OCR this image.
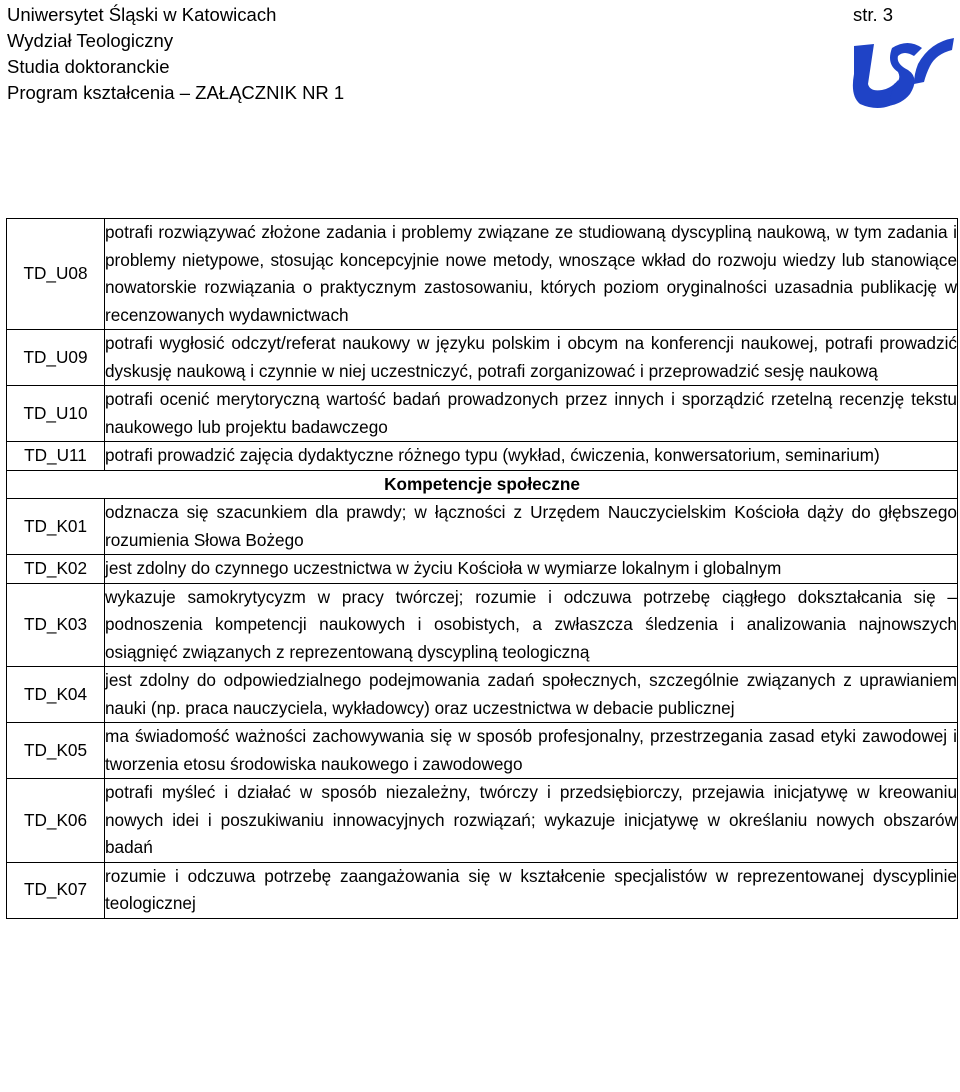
Uniwersytet Śląski w Katowicach
Wydział Teologiczny
Studia doktoranckie
Program kształcenia – ZAŁĄCZNIK NR 1
str. 3
TD_U08	potrafi rozwiązywać złożone zadania i problemy związane ze studiowaną dyscypliną naukową, w tym zadania i problemy nietypowe, stosując koncepcyjnie nowe metody, wnoszące wkład do rozwoju wiedzy lub stanowiące nowatorskie rozwiązania o praktycznym zastosowaniu, których poziom oryginalności uzasadnia publikację w recenzowanych wydawnictwach
TD_U09	potrafi wygłosić odczyt/referat naukowy w języku polskim i obcym na konferencji naukowej, potrafi prowadzić dyskusję naukową i czynnie w niej uczestniczyć, potrafi zorganizować i przeprowadzić sesję naukową
TD_U10	potrafi ocenić merytoryczną wartość badań prowadzonych przez innych i sporządzić rzetelną recenzję tekstu naukowego lub projektu badawczego
TD_U11	potrafi prowadzić zajęcia dydaktyczne różnego typu (wykład, ćwiczenia, konwersatorium, seminarium)
Kompetencje społeczne	
TD_K01	odznacza się szacunkiem dla prawdy; w łączności z Urzędem Nauczycielskim Kościoła dąży do głębszego rozumienia Słowa Bożego
TD_K02	jest zdolny do czynnego uczestnictwa w życiu Kościoła w wymiarze lokalnym i globalnym
TD_K03	wykazuje samokrytycyzm w pracy twórczej; rozumie i odczuwa potrzebę ciągłego dokształcania się – podnoszenia kompetencji naukowych i osobistych, a zwłaszcza śledzenia i analizowania najnowszych osiągnięć związanych z reprezentowaną dyscypliną teologiczną
TD_K04	jest zdolny do odpowiedzialnego podejmowania zadań społecznych, szczególnie związanych z uprawianiem nauki (np. praca nauczyciela, wykładowcy) oraz uczestnictwa w debacie publicznej
TD_K05	ma świadomość ważności zachowywania się w sposób profesjonalny, przestrzegania zasad etyki zawodowej i tworzenia etosu środowiska naukowego i zawodowego
TD_K06	potrafi myśleć i działać w sposób niezależny, twórczy i przedsiębiorczy, przejawia inicjatywę w kreowaniu nowych idei i poszukiwaniu innowacyjnych rozwiązań; wykazuje inicjatywę w określaniu nowych obszarów badań
TD_K07	rozumie i odczuwa potrzebę zaangażowania się w kształcenie specjalistów w reprezentowanej dyscyplinie teologicznej
